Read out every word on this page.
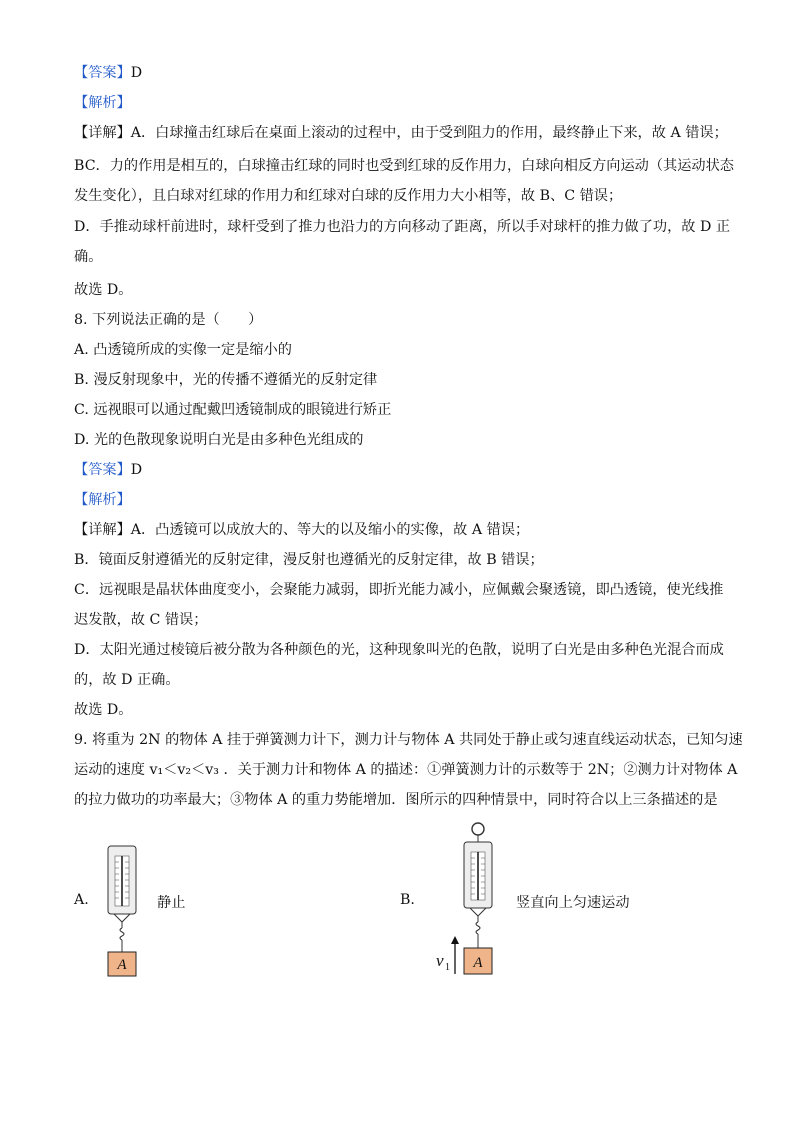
【答案】D
【解析】
【详解】A．白球撞击红球后在桌面上滚动的过程中，由于受到阻力的作用，最终静止下来，故 A 错误；
BC．力的作用是相互的，白球撞击红球的同时也受到红球的反作用力，白球向相反方向运动（其运动状态
发生变化），且白球对红球的作用力和红球对白球的反作用力大小相等，故 B、C 错误；
D．手推动球杆前进时，球杆受到了推力也沿力的方向移动了距离，所以手对球杆的推力做了功，故 D 正
确。
故选 D。
8. 下列说法正确的是（　　）
A. 凸透镜所成的实像一定是缩小的
B. 漫反射现象中，光的传播不遵循光的反射定律
C. 远视眼可以通过配戴凹透镜制成的眼镜进行矫正
D. 光的色散现象说明白光是由多种色光组成的
【答案】D
【解析】
【详解】A．凸透镜可以成放大的、等大的以及缩小的实像，故 A 错误；
B．镜面反射遵循光的反射定律，漫反射也遵循光的反射定律，故 B 错误；
C．远视眼是晶状体曲度变小，会聚能力减弱，即折光能力减小，应佩戴会聚透镜，即凸透镜，使光线推
迟发散，故 C 错误；
D．太阳光通过棱镜后被分散为各种颜色的光，这种现象叫光的色散，说明了白光是由多种色光混合而成
的，故 D 正确。
故选 D。
9. 将重为 2N 的物体 A 挂于弹簧测力计下，测力计与物体 A 共同处于静止或匀速直线运动状态，已知匀速
运动的速度 v₁＜v₂＜v₃ ．关于测力计和物体 A 的描述：①弹簧测力计的示数等于 2N；②测力计对物体 A
的拉力做功的功率最大；③物体 A 的重力势能增加．图所示的四种情景中，同时符合以上三条描述的是
A.	静止
A
B.	竖直向上匀速运动
A
v 1
